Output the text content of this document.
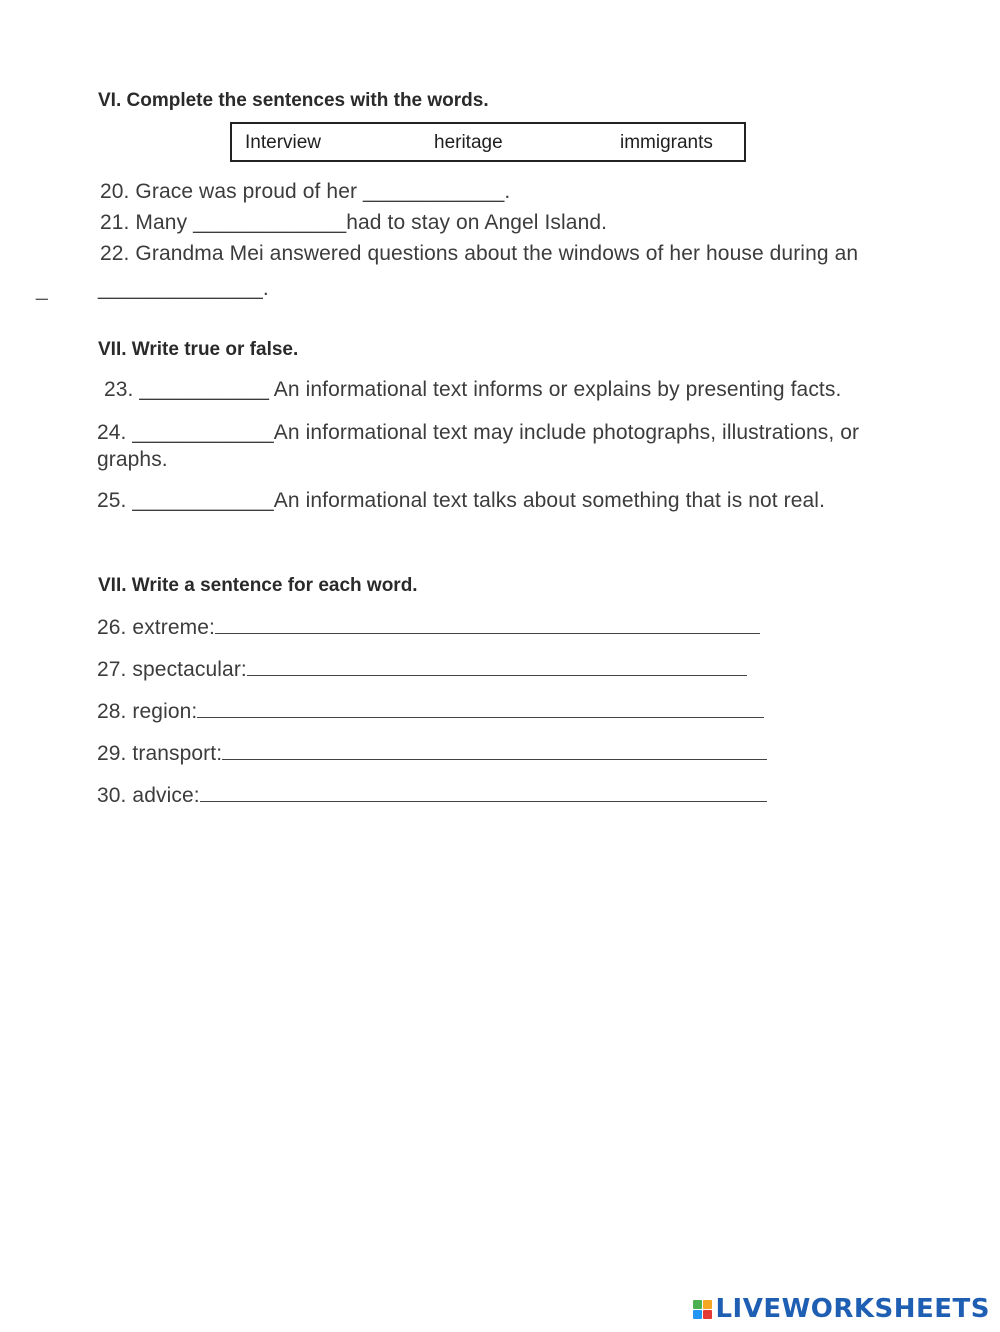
VI. Complete the sentences with the words.
Interview	heritage	immigrants
20. Grace was proud of her ____________.
21. Many _____________had to stay on Angel Island.
22. Grandma Mei answered questions about the windows of her house during an
_ ______________.
VII. Write true or false.
23. ___________ An informational text informs or explains by presenting facts.
24. ____________An informational text may include photographs, illustrations, or
graphs.
25. ____________An informational text talks about something that is not real.
VII. Write a sentence for each word.
26. extreme:
27. spectacular:
28. region:
29. transport:
30. advice:
LIVEWORKSHEETS
